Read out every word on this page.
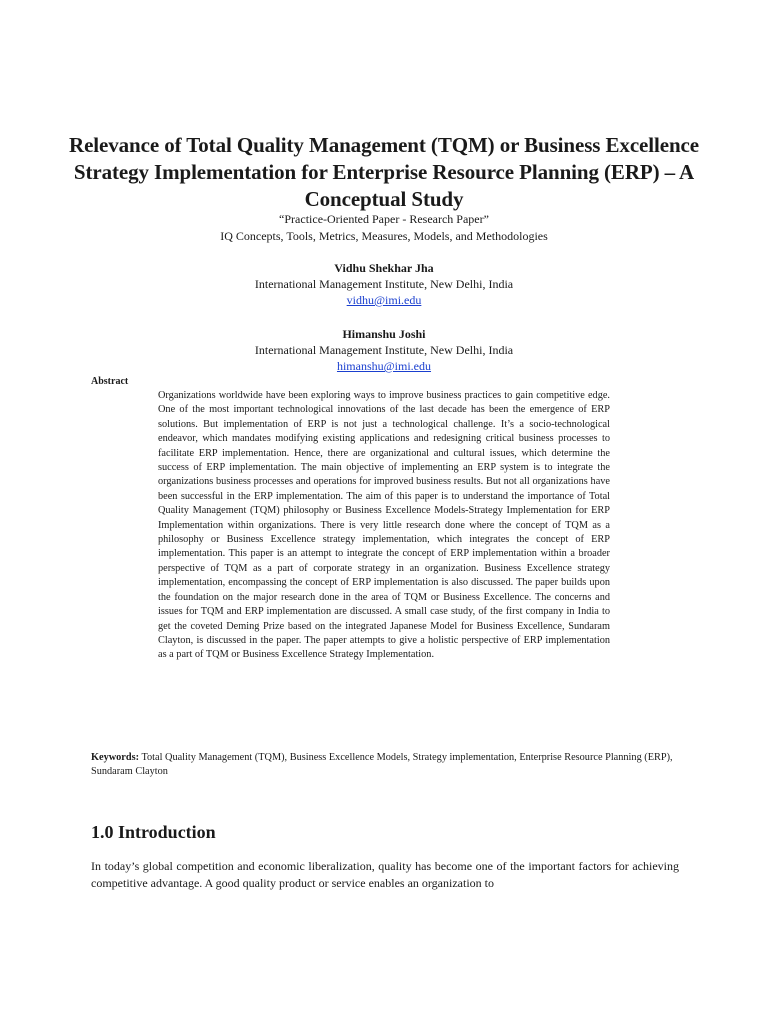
Relevance of Total Quality Management (TQM) or Business Excellence Strategy Implementation for Enterprise Resource Planning (ERP) – A Conceptual Study
“Practice-Oriented Paper - Research Paper”
IQ Concepts, Tools, Metrics, Measures, Models, and Methodologies
Vidhu Shekhar Jha
International Management Institute, New Delhi, India
vidhu@imi.edu
Himanshu Joshi
International Management Institute, New Delhi, India
himanshu@imi.edu
Abstract
Organizations worldwide have been exploring ways to improve business practices to gain competitive edge. One of the most important technological innovations of the last decade has been the emergence of ERP solutions. But implementation of ERP is not just a technological challenge. It’s a socio-technological endeavor, which mandates modifying existing applications and redesigning critical business processes to facilitate ERP implementation. Hence, there are organizational and cultural issues, which determine the success of ERP implementation. The main objective of implementing an ERP system is to integrate the organizations business processes and operations for improved business results. But not all organizations have been successful in the ERP implementation. The aim of this paper is to understand the importance of Total Quality Management (TQM) philosophy or Business Excellence Models-Strategy Implementation for ERP Implementation within organizations. There is very little research done where the concept of TQM as a philosophy or Business Excellence strategy implementation, which integrates the concept of ERP implementation. This paper is an attempt to integrate the concept of ERP implementation within a broader perspective of TQM as a part of corporate strategy in an organization. Business Excellence strategy implementation, encompassing the concept of ERP implementation is also discussed. The paper builds upon the foundation on the major research done in the area of TQM or Business Excellence. The concerns and issues for TQM and ERP implementation are discussed. A small case study, of the first company in India to get the coveted Deming Prize based on the integrated Japanese Model for Business Excellence, Sundaram Clayton, is discussed in the paper. The paper attempts to give a holistic perspective of ERP implementation as a part of TQM or Business Excellence Strategy Implementation.
Keywords: Total Quality Management (TQM), Business Excellence Models, Strategy implementation, Enterprise Resource Planning (ERP), Sundaram Clayton
1.0 Introduction
In today’s global competition and economic liberalization, quality has become one of the important factors for achieving competitive advantage. A good quality product or service enables an organization to
